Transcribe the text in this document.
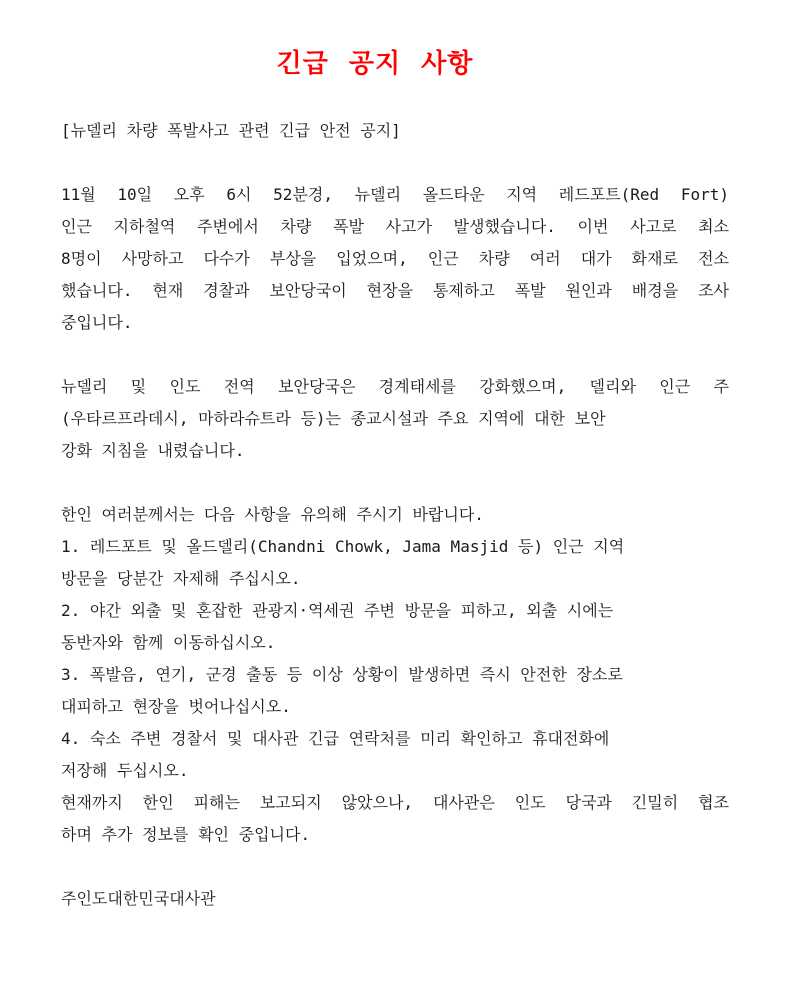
긴급 공지 사항
[뉴델리 차량 폭발사고 관련 긴급 안전 공지]
11월 10일 오후 6시 52분경, 뉴델리 올드타운 지역 레드포트(Red Fort)
인근 지하철역 주변에서 차량 폭발 사고가 발생했습니다. 이번 사고로 최소
8명이 사망하고 다수가 부상을 입었으며, 인근 차량 여러 대가 화재로 전소
했습니다. 현재 경찰과 보안당국이 현장을 통제하고 폭발 원인과 배경을 조사
중입니다.
뉴델리 및 인도 전역 보안당국은 경계태세를 강화했으며, 델리와 인근 주
(우타르프라데시, 마하라슈트라 등)는 종교시설과 주요 지역에 대한 보안
강화 지침을 내렸습니다.
한인 여러분께서는 다음 사항을 유의해 주시기 바랍니다.
1. 레드포트 및 올드델리(Chandni Chowk, Jama Masjid 등) 인근 지역
방문을 당분간 자제해 주십시오.
2. 야간 외출 및 혼잡한 관광지·역세권 주변 방문을 피하고, 외출 시에는
동반자와 함께 이동하십시오.
3. 폭발음, 연기, 군경 출동 등 이상 상황이 발생하면 즉시 안전한 장소로
대피하고 현장을 벗어나십시오.
4. 숙소 주변 경찰서 및 대사관 긴급 연락처를 미리 확인하고 휴대전화에
저장해 두십시오.
현재까지 한인 피해는 보고되지 않았으나, 대사관은 인도 당국과 긴밀히 협조
하며 추가 정보를 확인 중입니다.
주인도대한민국대사관
